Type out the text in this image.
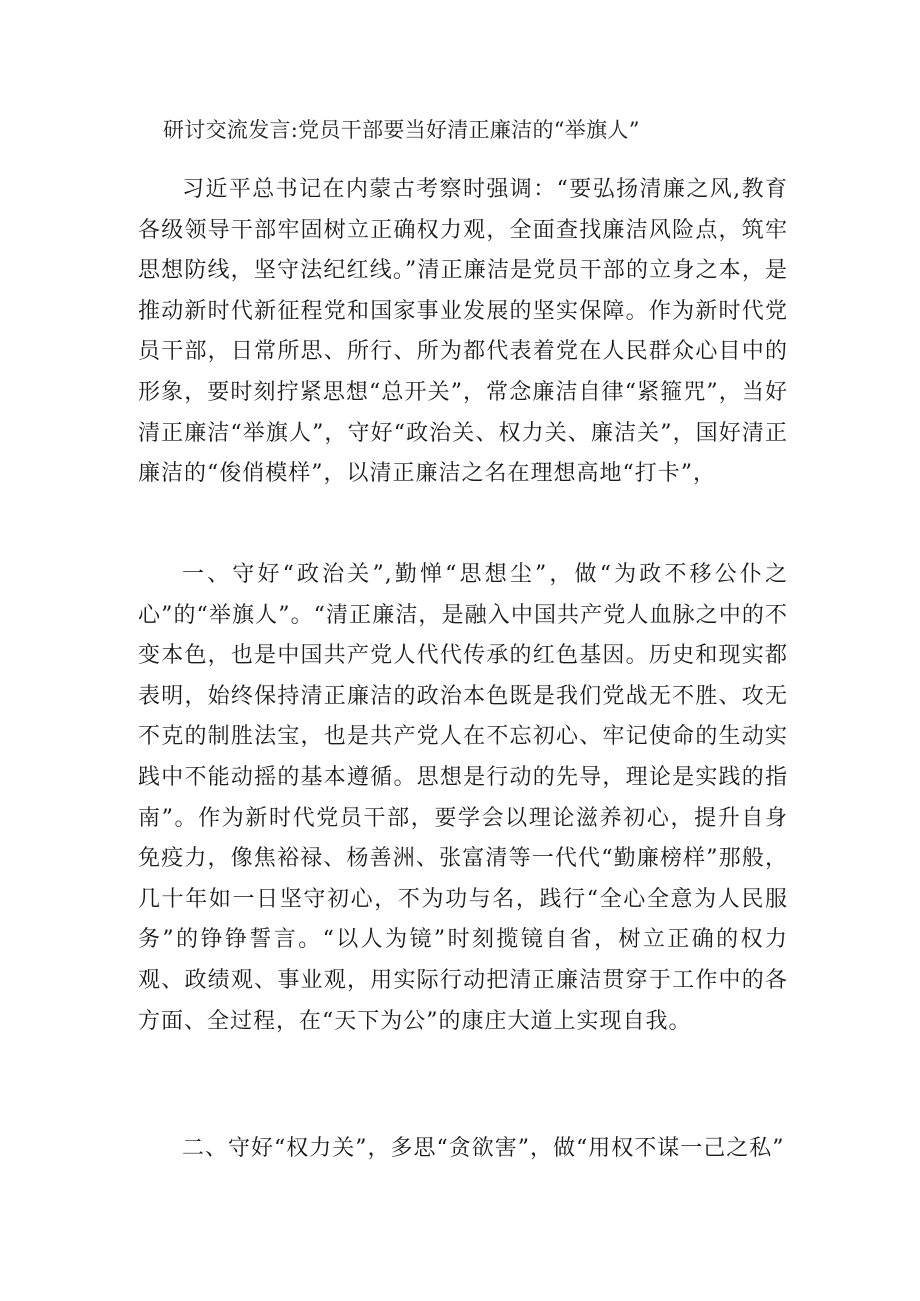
研讨交流发言:党员干部要当好清正廉洁的“举旗人”

习近平总书记在内蒙古考察时强调：“要弘扬清廉之风,教育各级领导干部牢固树立正确权力观，全面查找廉洁风险点，筑牢思想防线，坚守法纪红线。”清正廉洁是党员干部的立身之本，是推动新时代新征程党和国家事业发展的坚实保障。作为新时代党员干部，日常所思、所行、所为都代表着党在人民群众心目中的形象，要时刻拧紧思想“总开关”，常念廉洁自律“紧箍咒”，当好清正廉洁“举旗人”，守好“政治关、权力关、廉洁关”，国好清正廉洁的“俊俏模样”，以清正廉洁之名在理想高地“打卡”，

一、守好“政治关”,勤惮“思想尘”，做“为政不移公仆之心”的“举旗人”。“清正廉洁，是融入中国共产党人血脉之中的不变本色，也是中国共产党人代代传承的红色基因。历史和现实都表明，始终保持清正廉洁的政治本色既是我们党战无不胜、攻无不克的制胜法宝，也是共产党人在不忘初心、牢记使命的生动实践中不能动摇的基本遵循。思想是行动的先导，理论是实践的指南”。作为新时代党员干部，要学会以理论滋养初心，提升自身免疫力，像焦裕禄、杨善洲、张富清等一代代“勤廉榜样”那般，几十年如一日坚守初心，不为功与名，践行“全心全意为人民服务”的铮铮誓言。“以人为镜”时刻揽镜自省，树立正确的权力观、政绩观、事业观，用实际行动把清正廉洁贯穿于工作中的各方面、全过程，在“天下为公”的康庄大道上实现自我。

二、守好“权力关”，多思“贪欲害”，做“用权不谋一己之私”
